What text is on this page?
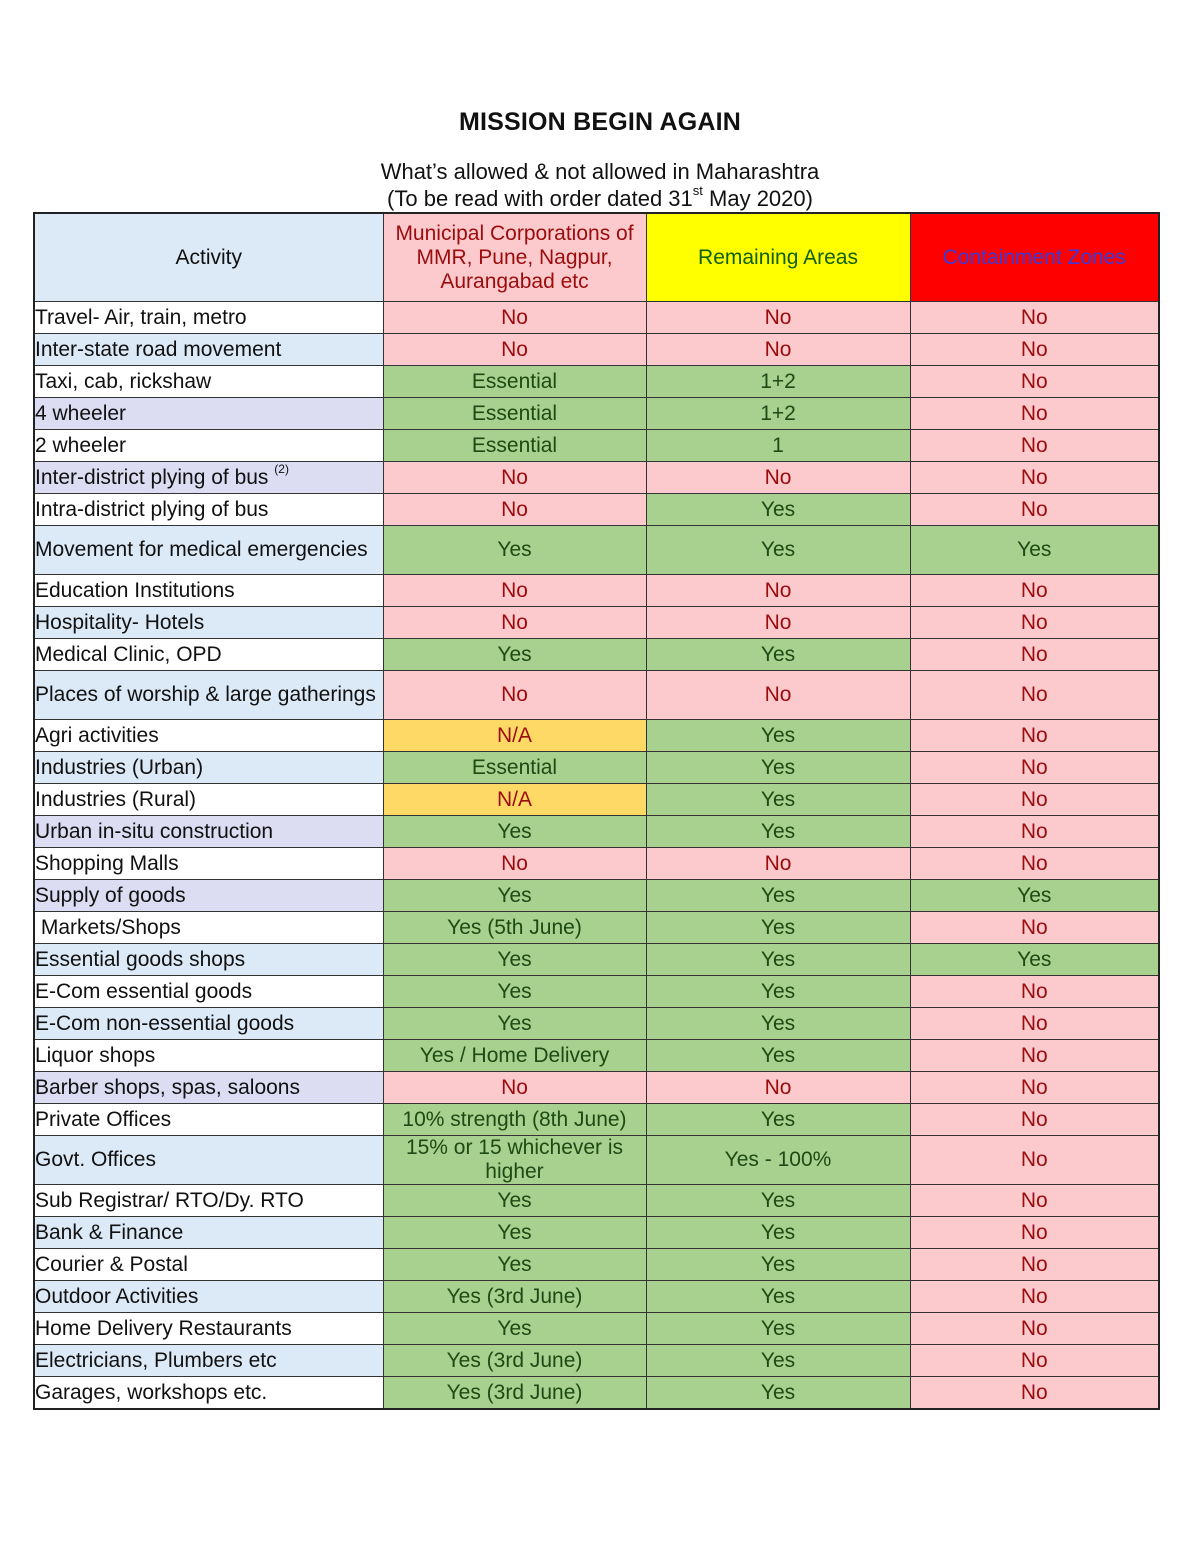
MISSION BEGIN AGAIN
What’s allowed & not allowed in Maharashtra
(To be read with order dated 31st May 2020)
Activity	Municipal Corporations of MMR, Pune, Nagpur, Aurangabad etc	Remaining Areas	Containment Zones
Travel- Air, train, metro	No	No	No
Inter-state road movement	No	No	No
Taxi, cab, rickshaw	Essential	1+2	No
4 wheeler	Essential	1+2	No
2 wheeler	Essential	1	No
Inter-district plying of bus $^{(2)}$	No	No	No
Intra-district plying of bus	No	Yes	No
Movement for medical emergencies	Yes	Yes	Yes
Education Institutions	No	No	No
Hospitality- Hotels	No	No	No
Medical Clinic, OPD	Yes	Yes	No
Places of worship & large gatherings	No	No	No
Agri activities	N/A	Yes	No
Industries (Urban)	Essential	Yes	No
Industries (Rural)	N/A	Yes	No
Urban in-situ construction	Yes	Yes	No
Shopping Malls	No	No	No
Supply of goods	Yes	Yes	Yes
Markets/Shops	Yes (5th June)	Yes	No
Essential goods shops	Yes	Yes	Yes
E-Com essential goods	Yes	Yes	No
E-Com non-essential goods	Yes	Yes	No
Liquor shops	Yes / Home Delivery	Yes	No
Barber shops, spas, saloons	No	No	No
Private Offices	10% strength (8th June)	Yes	No
Govt. Offices	15% or 15 whichever is higher	Yes - 100%	No
Sub Registrar/ RTO/Dy. RTO	Yes	Yes	No
Bank & Finance	Yes	Yes	No
Courier & Postal	Yes	Yes	No
Outdoor Activities	Yes (3rd June)	Yes	No
Home Delivery Restaurants	Yes	Yes	No
Electricians, Plumbers etc	Yes (3rd June)	Yes	No
Garages, workshops etc.	Yes (3rd June)	Yes	No
